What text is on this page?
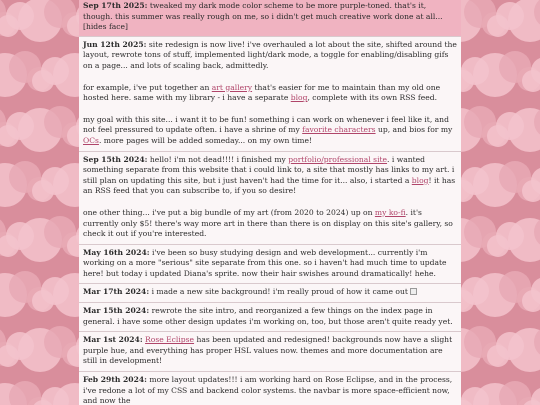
Sep 17th 2025: tweaked my dark mode color scheme to be more purple-toned. that's it, though. this summer was really rough on me, so i didn't get much creative work done at all... [hides face]

Jun 12th 2025: site redesign is now live! i've overhauled a lot about the site, shifted around the layout, rewrote tons of stuff, implemented light/dark mode, a toggle for enabling/disabling gifs on a page... and lots of scaling back, admittedly.

for example, i've put together an art gallery that's easier for me to maintain than my old one hosted here. same with my library - i have a separate blog, complete with its own RSS feed.

my goal with this site... i want it to be fun! something i can work on whenever i feel like it, and not feel pressured to update often. i have a shrine of my favorite characters up, and bios for my OCs. more pages will be added someday... on my own time!

Sep 15th 2024: hello! i'm not dead!!!! i finished my portfolio/professional site. i wanted something separate from this website that i could link to, a site that mostly has links to my art. i still plan on updating this site, but i just haven't had the time for it... also, i started a blog! it has an RSS feed that you can subscribe to, if you so desire!

one other thing... i've put a big bundle of my art (from 2020 to 2024) up on my ko-fi. it's currently only $5! there's way more art in there than there is on display on this site's gallery, so check it out if you're interested.

May 16th 2024: i've been so busy studying design and web development... currently i'm working on a more "serious" site separate from this one. so i haven't had much time to update here! but today i updated Diana's sprite. now their hair swishes around dramatically! hehe.

Mar 17th 2024: i made a new site background! i'm really proud of how it came out

Mar 15th 2024: rewrote the site intro, and reorganized a few things on the index page in general. i have some other design updates i'm working on, too, but those aren't quite ready yet.

Mar 1st 2024: Rose Eclipse has been updated and redesigned! backgrounds now have a slight purple hue, and everything has proper HSL values now. themes and more documentation are still in development!

Feb 29th 2024: more layout updates!!! i am working hard on Rose Eclipse, and in the process, i've redone a lot of my CSS and backend color systems. the navbar is more space-efficient now, and now the
